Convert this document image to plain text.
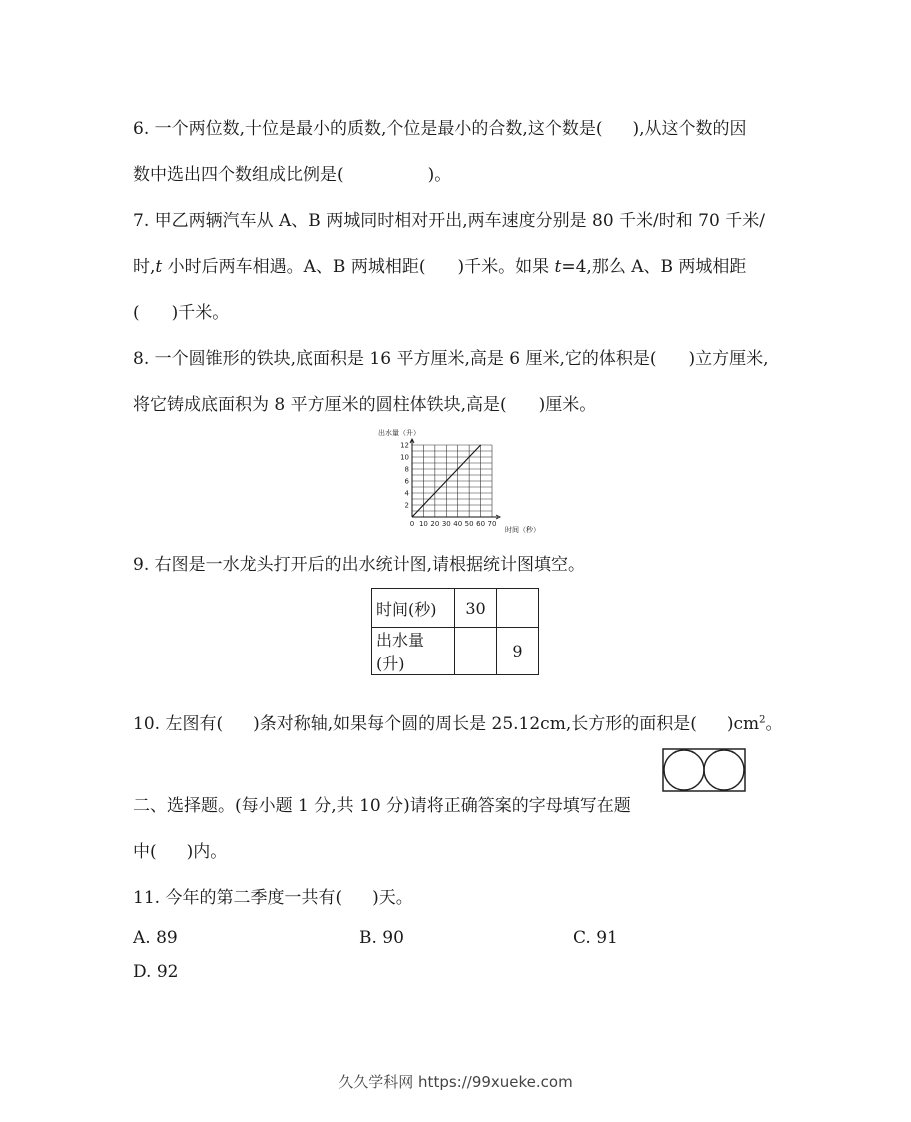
6. 一个两位数,十位是最小的质数,个位是最小的合数,这个数是( ),从这个数的因
数中选出四个数组成比例是(	)。
7. 甲乙两辆汽车从 A、B 两城同时相对开出,两车速度分别是 80 千米/时和 70 千米/
时,t 小时后两车相遇。A、B 两城相距( )千米。如果 t=4,那么 A、B 两城相距
( )千米。
8. 一个圆锥形的铁块,底面积是 16 平方厘米,高是 6 厘米,它的体积是( )立方厘米,
将它铸成底面积为 8 平方厘米的圆柱体铁块,高是( )厘米。
出水量（升）
0 10 20 30 40 50 60 70
2
4
6
8
10
12
时间（秒）
9. 右图是一水龙头打开后的出水统计图,请根据统计图填空。
时间(秒)	30	
出水量(升)		9
10. 左图有( )条对称轴,如果每个圆的周长是 25.12cm,长方形的面积是( )$cm^2$。
二、选择题。(每小题 1 分,共 10 分)请将正确答案的字母填写在题
中( )内。
11. 今年的第二季度一共有( )天。
A. 89	B. 90	C. 91
D. 92
久久学科网 https://99xueke.com
